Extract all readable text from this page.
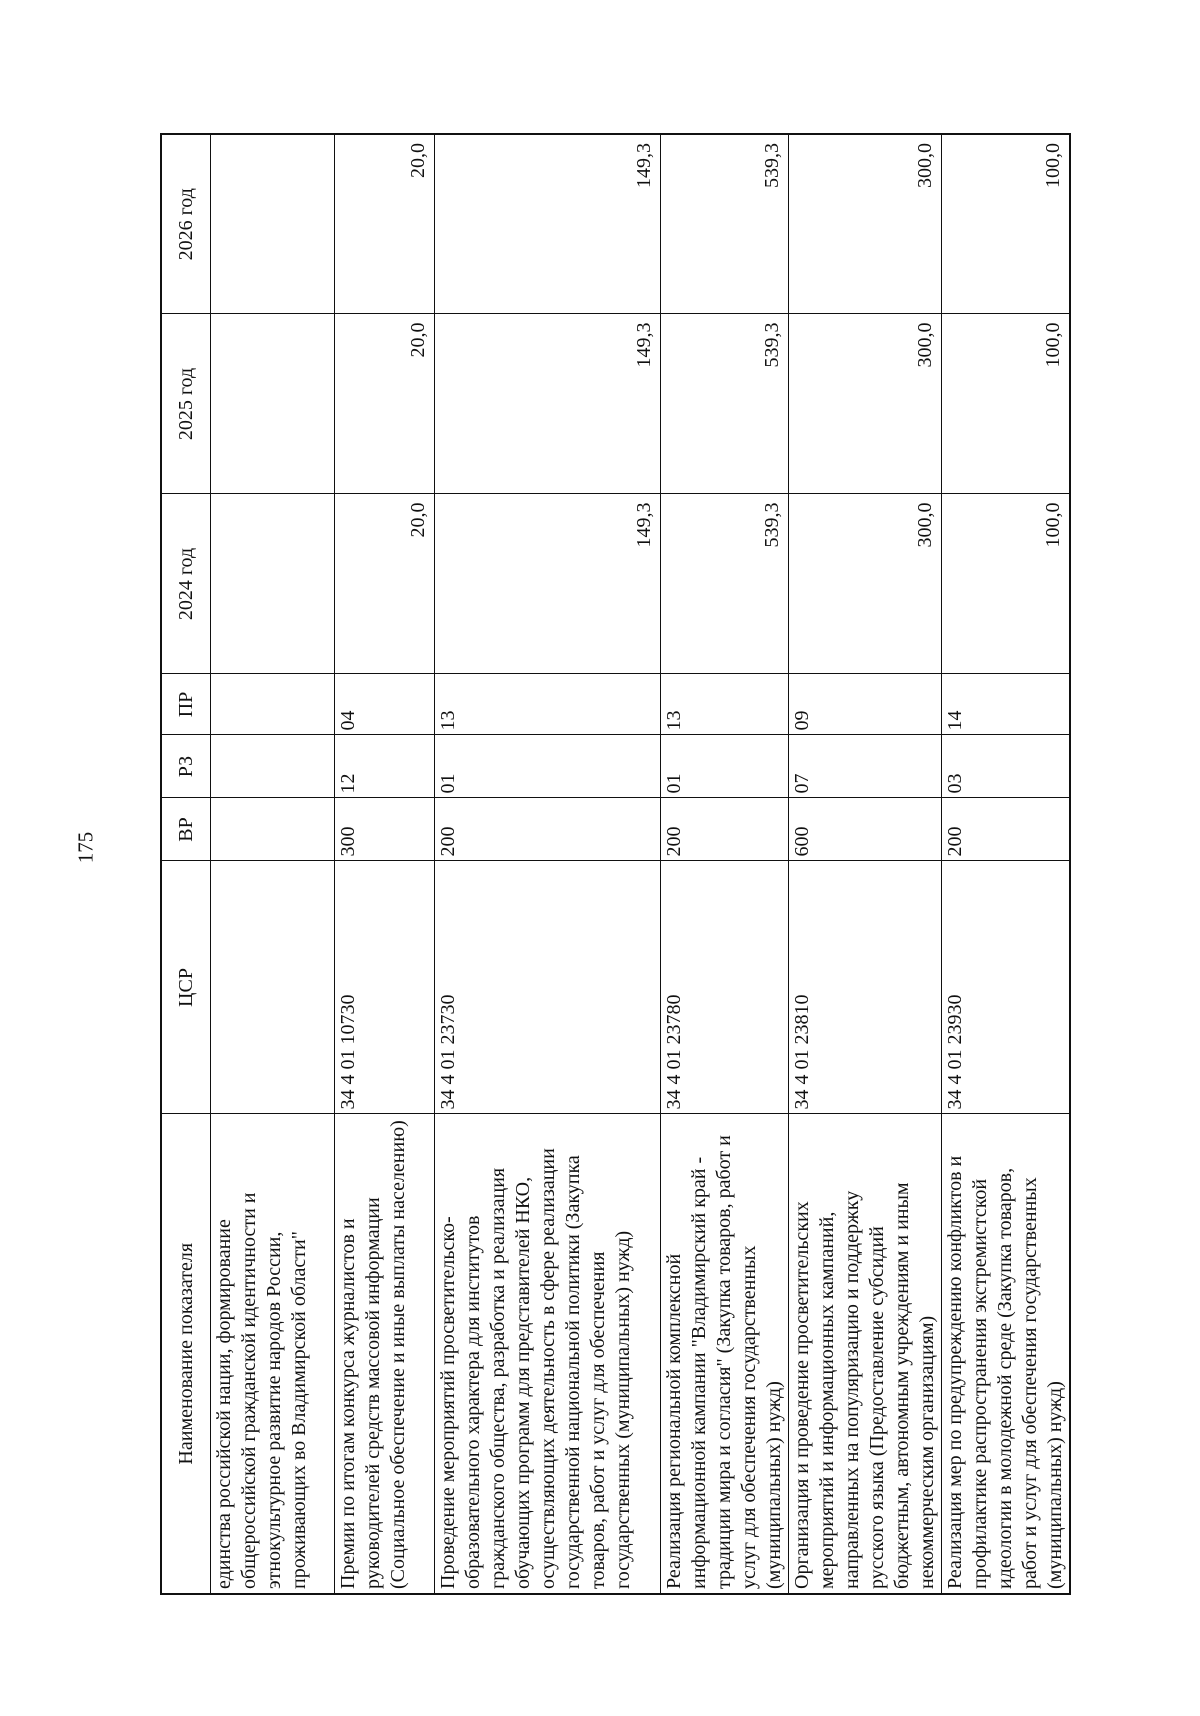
175
Наименование показателя	ЦСР	ВР	РЗ	ПР	2024 год	2025 год	2026 год
единства российской нации, формирование общероссийской гражданской идентичности и этнокультурное развитие народов России, проживающих во Владимирской области"							
Премии по итогам конкурса журналистов и руководителей средств массовой информации (Социальное обеспечение и иные выплаты населению)	34 4 01 10730	300	12	04	20,0	20,0	20,0
Проведение мероприятий просветительско-образовательного характера для институтов гражданского общества, разработка и реализация обучающих программ для представителей НКО, осуществляющих деятельность в сфере реализации государственной национальной политики (Закупка товаров, работ и услуг для обеспечения государственных (муниципальных) нужд)	34 4 01 23730	200	01	13	149,3	149,3	149,3
Реализация региональной комплексной информационной кампании "Владимирский край - традиции мира и согласия" (Закупка товаров, работ и услуг для обеспечения государственных (муниципальных) нужд)	34 4 01 23780	200	01	13	539,3	539,3	539,3
Организация и проведение просветительских мероприятий и информационных кампаний, направленных на популяризацию и поддержку русского языка (Предоставление субсидий бюджетным, автономным учреждениям и иным некоммерческим организациям)	34 4 01 23810	600	07	09	300,0	300,0	300,0
Реализация мер по предупреждению конфликтов и профилактике распространения экстремистской идеологии в молодежной среде (Закупка товаров, работ и услуг для обеспечения государственных (муниципальных) нужд)	34 4 01 23930	200	03	14	100,0	100,0	100,0
